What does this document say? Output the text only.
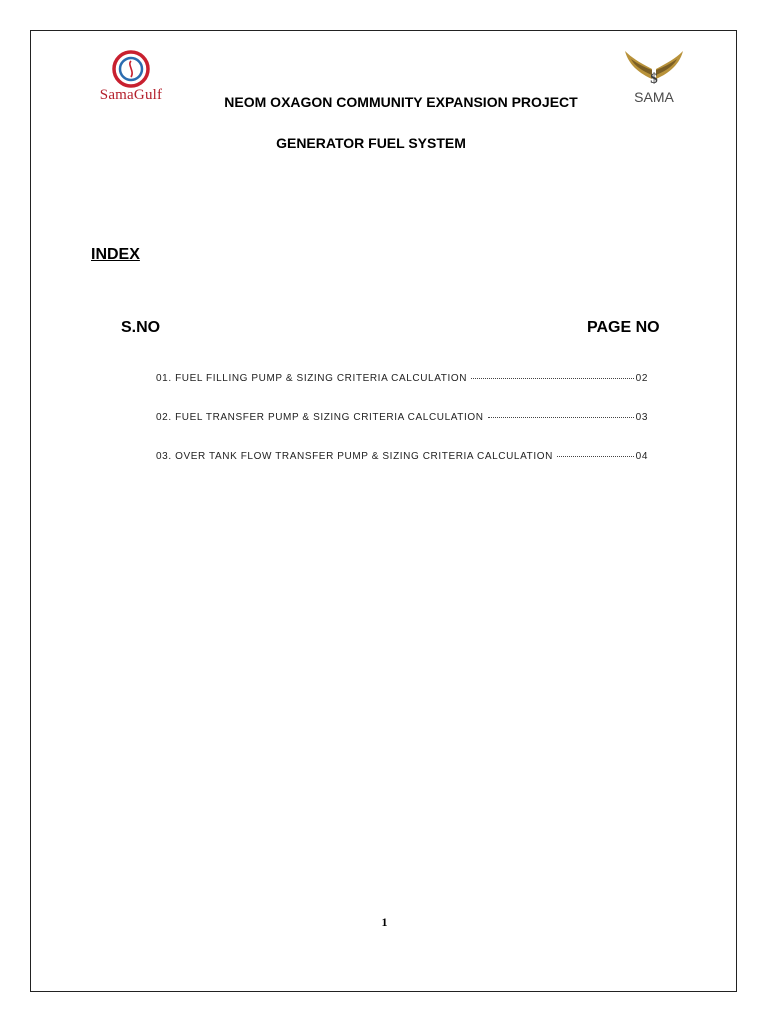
SamaGulf
$
SAMA
NEOM OXAGON COMMUNITY EXPANSION PROJECT
GENERATOR FUEL SYSTEM
INDEX
S.NO	PAGE NO
01. FUEL FILLING PUMP & SIZING CRITERIA CALCULATION	02
02. FUEL TRANSFER PUMP & SIZING CRITERIA CALCULATION	03
03. OVER TANK FLOW TRANSFER PUMP & SIZING CRITERIA CALCULATION	04
1
